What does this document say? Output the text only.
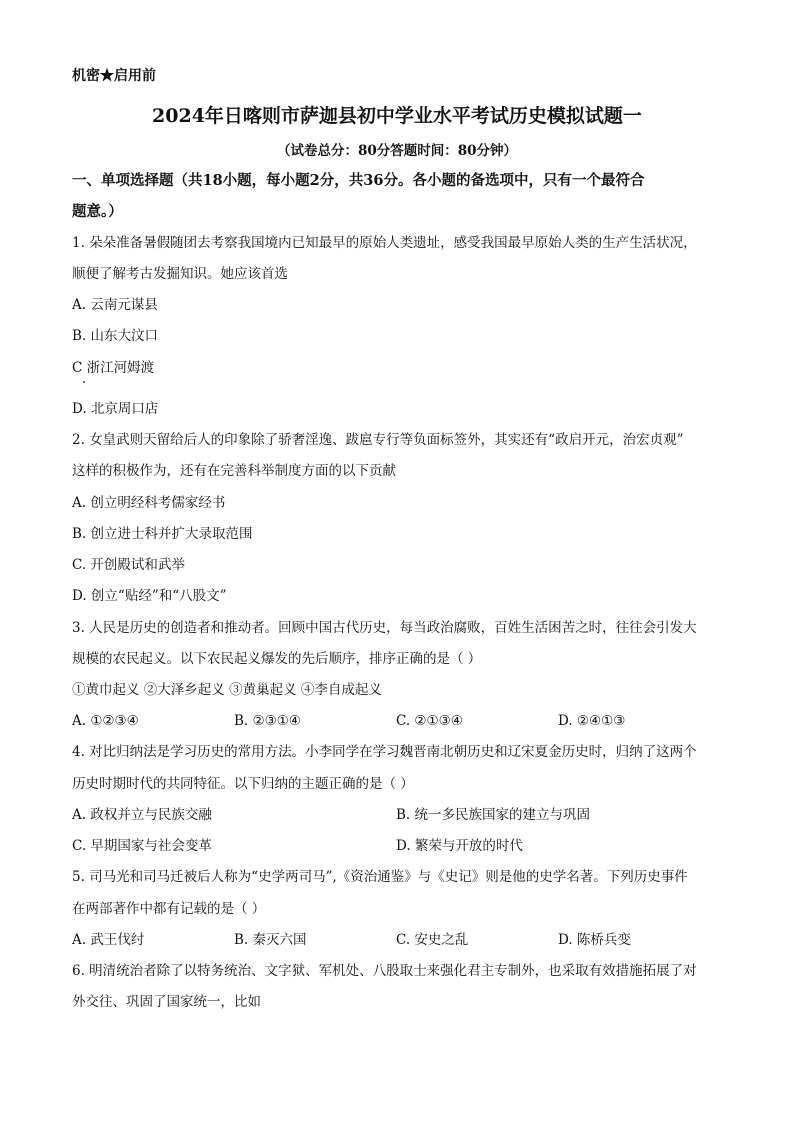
机密★启用前
2024年日喀则市萨迦县初中学业水平考试历史模拟试题一
（试卷总分：80分答题时间：80分钟）
一、单项选择题（共18小题，每小题2分，共36分。各小题的备选项中，只有一个最符合
题意。）
1. 朵朵准备暑假随团去考察我国境内已知最早的原始人类遗址，感受我国最早原始人类的生产生活状况，
顺便了解考古发掘知识。她应该首选
A. 云南元谋县
B. 山东大汶口
C 浙江河姆渡
D. 北京周口店
2. 女皇武则天留给后人的印象除了骄奢淫逸、跋扈专行等负面标签外，其实还有“政启开元，治宏贞观”
这样的积极作为，还有在完善科举制度方面的以下贡献
A. 创立明经科考儒家经书
B. 创立进士科并扩大录取范围
C. 开创殿试和武举
D. 创立“贴经”和“八股文”
3. 人民是历史的创造者和推动者。回顾中国古代历史，每当政治腐败，百姓生活困苦之时，往往会引发大
规模的农民起义。以下农民起义爆发的先后顺序，排序正确的是（ ）
①黄巾起义 ②大泽乡起义 ③黄巢起义 ④李自成起义
A. ①②③④	B. ②③①④	C. ②①③④	D. ②④①③
4. 对比归纳法是学习历史的常用方法。小李同学在学习魏晋南北朝历史和辽宋夏金历史时，归纳了这两个
历史时期时代的共同特征。以下归纳的主题正确的是（ ）
A. 政权并立与民族交融	B. 统一多民族国家的建立与巩固
C. 早期国家与社会变革	D. 繁荣与开放的时代
5. 司马光和司马迁被后人称为“史学两司马”,《资治通鉴》与《史记》则是他的史学名著。下列历史事件
在两部著作中都有记载的是（ ）
A. 武王伐纣	B. 秦灭六国	C. 安史之乱	D. 陈桥兵变
6. 明清统治者除了以特务统治、文字狱、军机处、八股取士来强化君主专制外，也采取有效措施拓展了对
外交往、巩固了国家统一，比如
